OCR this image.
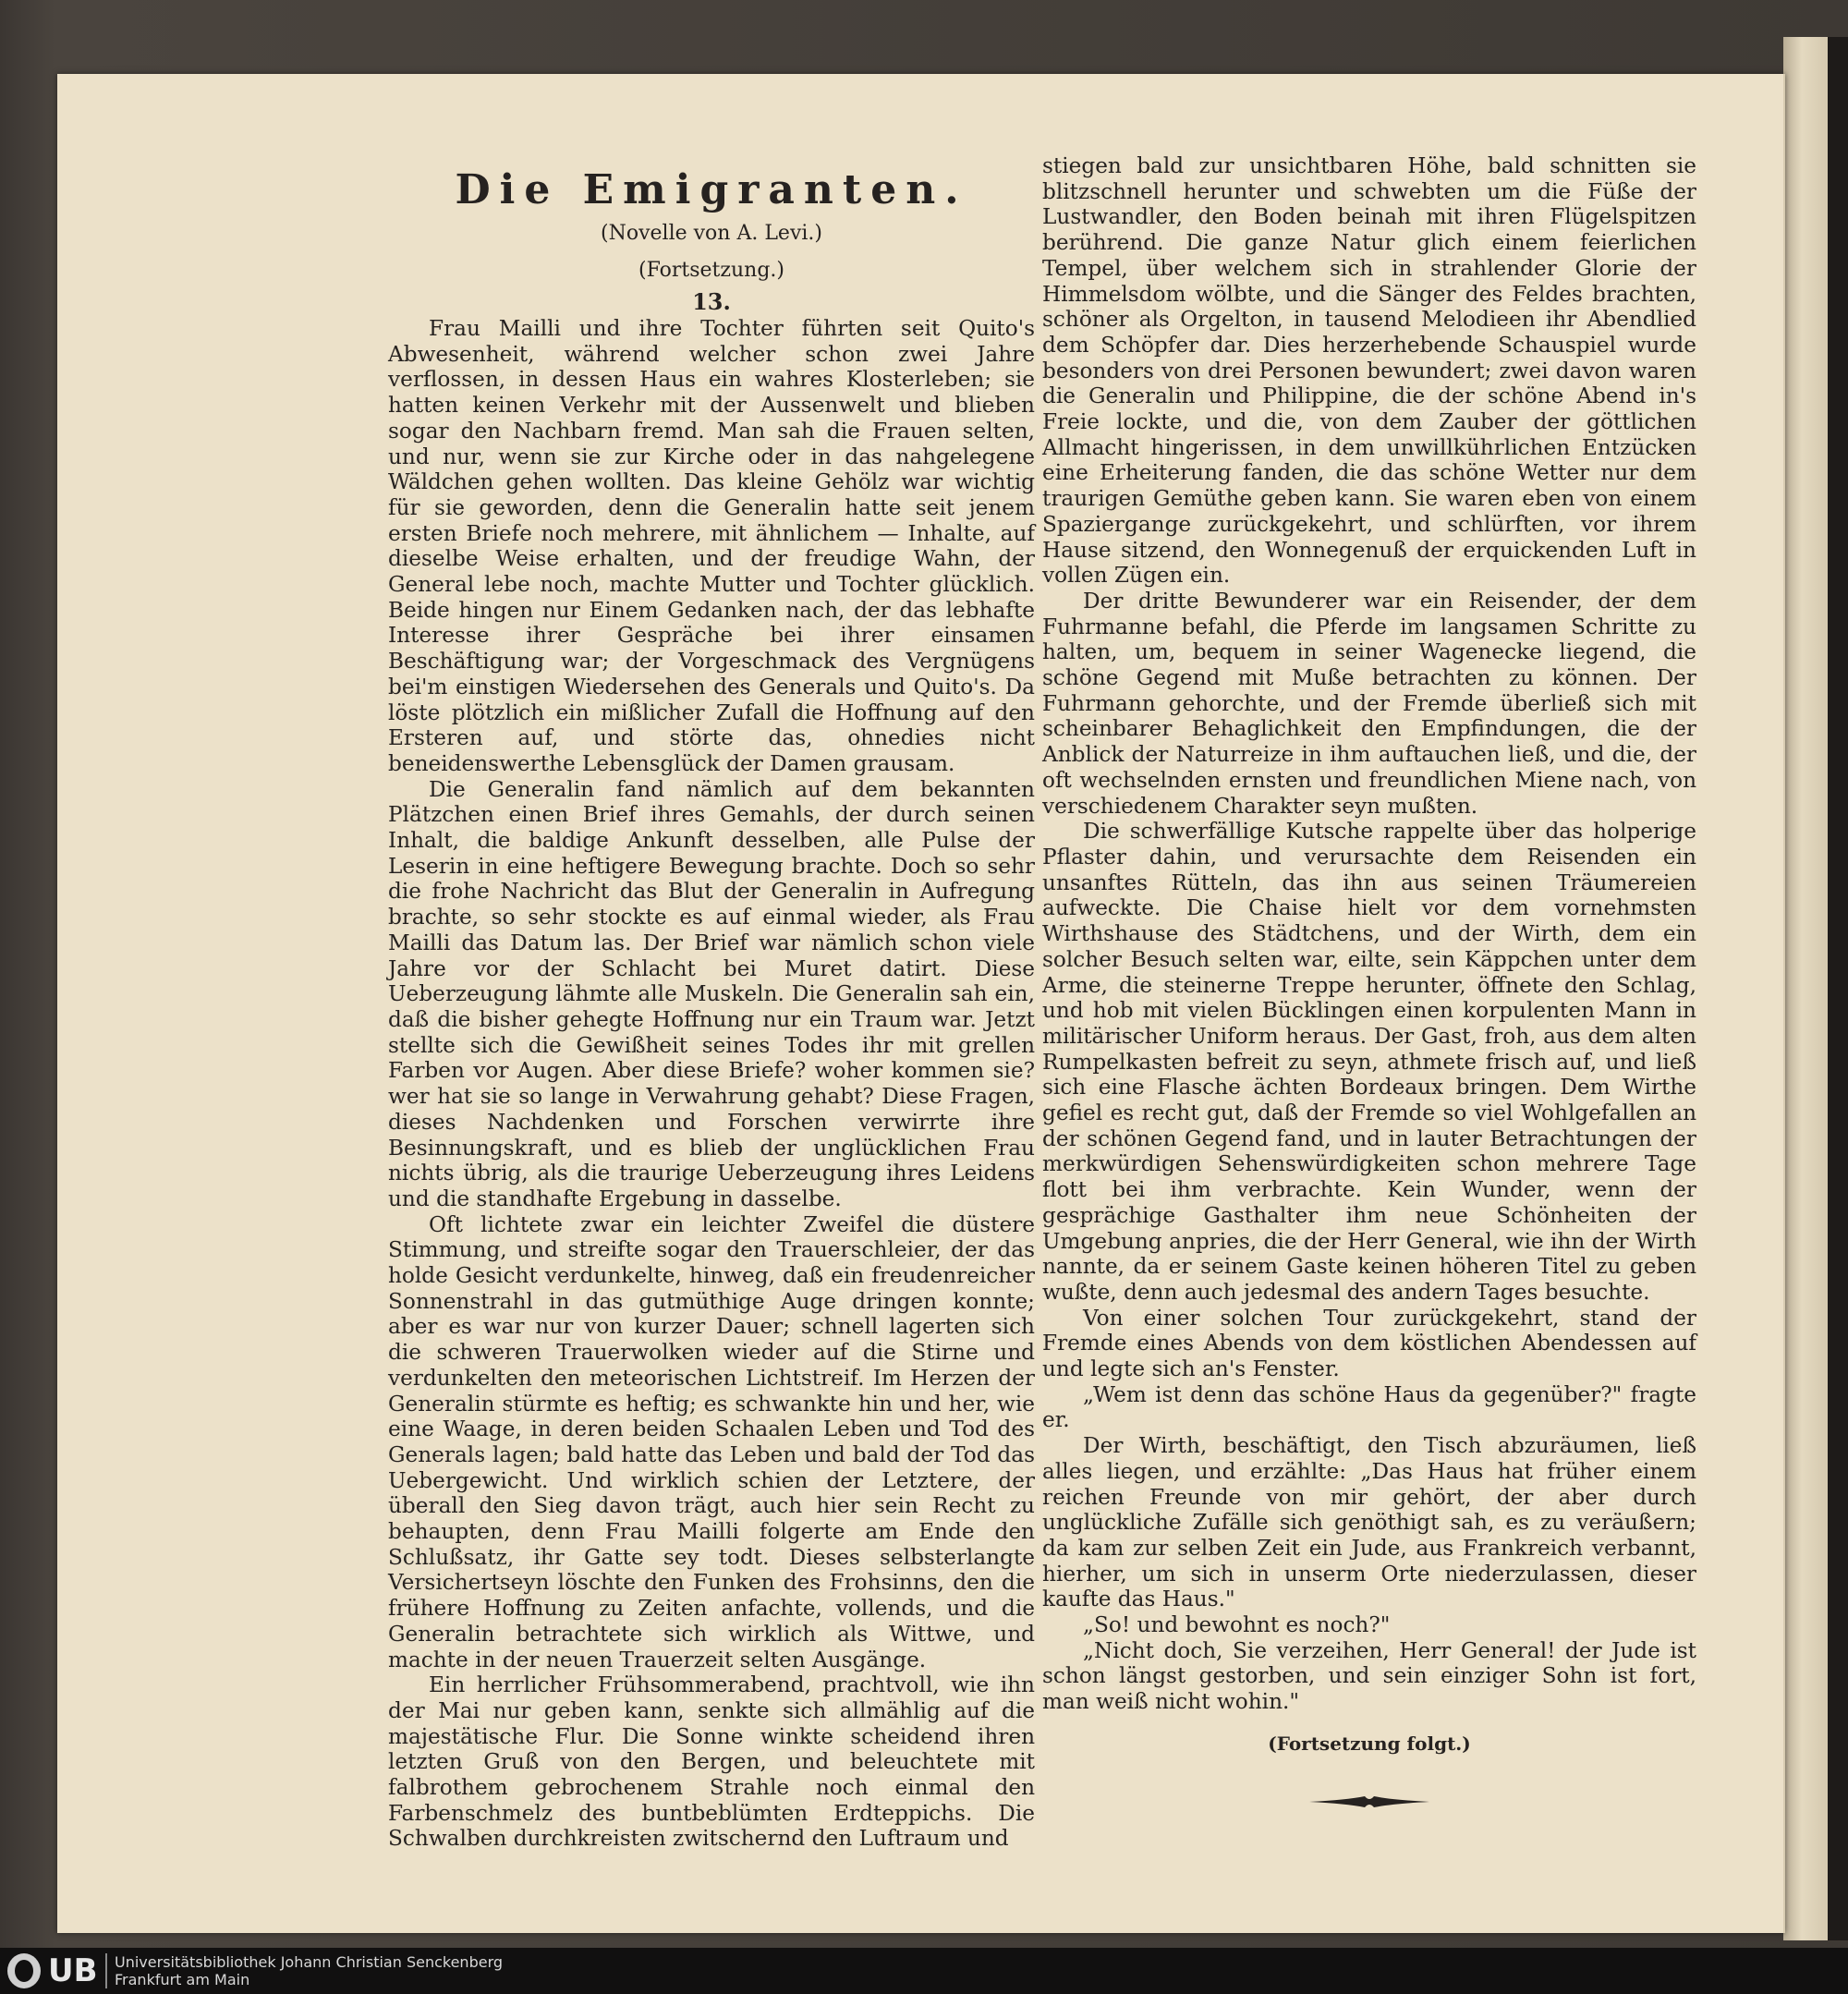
Die Emigranten.
(Novelle von A. Levi.)
(Fortsetzung.)
13.

Frau Mailli und ihre Tochter führten seit Quito's Abwesenheit, während welcher schon zwei Jahre verflossen, in dessen Haus ein wahres Klosterleben; sie hatten keinen Verkehr mit der Aussenwelt und blieben sogar den Nachbarn fremd. Man sah die Frauen selten, und nur, wenn sie zur Kirche oder in das nahgelegene Wäldchen gehen wollten. Das kleine Gehölz war wichtig für sie geworden, denn die Generalin hatte seit jenem ersten Briefe noch mehrere, mit ähnlichem — Inhalte, auf dieselbe Weise erhalten, und der freudige Wahn, der General lebe noch, machte Mutter und Tochter glücklich. Beide hingen nur Einem Gedanken nach, der das lebhafte Interesse ihrer Gespräche bei ihrer einsamen Beschäftigung war; der Vorgeschmack des Vergnügens bei'm einstigen Wiedersehen des Generals und Quito's. Da löste plötzlich ein mißlicher Zufall die Hoffnung auf den Ersteren auf, und störte das, ohnedies nicht beneidenswerthe Lebensglück der Damen grausam.

Die Generalin fand nämlich auf dem bekannten Plätzchen einen Brief ihres Gemahls, der durch seinen Inhalt, die baldige Ankunft desselben, alle Pulse der Leserin in eine heftigere Bewegung brachte. Doch so sehr die frohe Nachricht das Blut der Generalin in Aufregung brachte, so sehr stockte es auf einmal wieder, als Frau Mailli das Datum las. Der Brief war nämlich schon viele Jahre vor der Schlacht bei Muret datirt. Diese Ueberzeugung lähmte alle Muskeln. Die Generalin sah ein, daß die bisher gehegte Hoffnung nur ein Traum war. Jetzt stellte sich die Gewißheit seines Todes ihr mit grellen Farben vor Augen. Aber diese Briefe? woher kommen sie? wer hat sie so lange in Verwahrung gehabt? Diese Fragen, dieses Nachdenken und Forschen verwirrte ihre Besinnungskraft, und es blieb der unglücklichen Frau nichts übrig, als die traurige Ueberzeugung ihres Leidens und die standhafte Ergebung in dasselbe.

Oft lichtete zwar ein leichter Zweifel die düstere Stimmung, und streifte sogar den Trauerschleier, der das holde Gesicht verdunkelte, hinweg, daß ein freudenreicher Sonnenstrahl in das gutmüthige Auge dringen konnte; aber es war nur von kurzer Dauer; schnell lagerten sich die schweren Trauerwolken wieder auf die Stirne und verdunkelten den meteorischen Lichtstreif. Im Herzen der Generalin stürmte es heftig; es schwankte hin und her, wie eine Waage, in deren beiden Schaalen Leben und Tod des Generals lagen; bald hatte das Leben und bald der Tod das Uebergewicht. Und wirklich schien der Letztere, der überall den Sieg davon trägt, auch hier sein Recht zu behaupten, denn Frau Mailli folgerte am Ende den Schlußsatz, ihr Gatte sey todt. Dieses selbsterlangte Versichertseyn löschte den Funken des Frohsinns, den die frühere Hoffnung zu Zeiten anfachte, vollends, und die Generalin betrachtete sich wirklich als Wittwe, und machte in der neuen Trauerzeit selten Ausgänge.

Ein herrlicher Frühsommerabend, prachtvoll, wie ihn der Mai nur geben kann, senkte sich allmählig auf die majestätische Flur. Die Sonne winkte scheidend ihren letzten Gruß von den Bergen, und beleuchtete mit falbrothem gebrochenem Strahle noch einmal den Farbenschmelz des buntbeblümten Erdteppichs. Die Schwalben durchkreisten zwitschernd den Luftraum und

stiegen bald zur unsichtbaren Höhe, bald schnitten sie blitzschnell herunter und schwebten um die Füße der Lustwandler, den Boden beinah mit ihren Flügelspitzen berührend. Die ganze Natur glich einem feierlichen Tempel, über welchem sich in strahlender Glorie der Himmelsdom wölbte, und die Sänger des Feldes brachten, schöner als Orgelton, in tausend Melodieen ihr Abendlied dem Schöpfer dar. Dies herzerhebende Schauspiel wurde besonders von drei Personen bewundert; zwei davon waren die Generalin und Philippine, die der schöne Abend in's Freie lockte, und die, von dem Zauber der göttlichen Allmacht hingerissen, in dem unwillkührlichen Entzücken eine Erheiterung fanden, die das schöne Wetter nur dem traurigen Gemüthe geben kann. Sie waren eben von einem Spaziergange zurückgekehrt, und schlürften, vor ihrem Hause sitzend, den Wonnegenuß der erquickenden Luft in vollen Zügen ein.

Der dritte Bewunderer war ein Reisender, der dem Fuhrmanne befahl, die Pferde im langsamen Schritte zu halten, um, bequem in seiner Wagenecke liegend, die schöne Gegend mit Muße betrachten zu können. Der Fuhrmann gehorchte, und der Fremde überließ sich mit scheinbarer Behaglichkeit den Empfindungen, die der Anblick der Naturreize in ihm auftauchen ließ, und die, der oft wechselnden ernsten und freundlichen Miene nach, von verschiedenem Charakter seyn mußten.

Die schwerfällige Kutsche rappelte über das holperige Pflaster dahin, und verursachte dem Reisenden ein unsanftes Rütteln, das ihn aus seinen Träumereien aufweckte. Die Chaise hielt vor dem vornehmsten Wirthshause des Städtchens, und der Wirth, dem ein solcher Besuch selten war, eilte, sein Käppchen unter dem Arme, die steinerne Treppe herunter, öffnete den Schlag, und hob mit vielen Bücklingen einen korpulenten Mann in militärischer Uniform heraus. Der Gast, froh, aus dem alten Rumpelkasten befreit zu seyn, athmete frisch auf, und ließ sich eine Flasche ächten Bordeaux bringen. Dem Wirthe gefiel es recht gut, daß der Fremde so viel Wohlgefallen an der schönen Gegend fand, und in lauter Betrachtungen der merkwürdigen Sehenswürdigkeiten schon mehrere Tage flott bei ihm verbrachte. Kein Wunder, wenn der gesprächige Gasthalter ihm neue Schönheiten der Umgebung anpries, die der Herr General, wie ihn der Wirth nannte, da er seinem Gaste keinen höheren Titel zu geben wußte, denn auch jedesmal des andern Tages besuchte.

Von einer solchen Tour zurückgekehrt, stand der Fremde eines Abends von dem köstlichen Abendessen auf und legte sich an's Fenster.

„Wem ist denn das schöne Haus da gegenüber?" fragte er.

Der Wirth, beschäftigt, den Tisch abzuräumen, ließ alles liegen, und erzählte: „Das Haus hat früher einem reichen Freunde von mir gehört, der aber durch unglückliche Zufälle sich genöthigt sah, es zu veräußern; da kam zur selben Zeit ein Jude, aus Frankreich verbannt, hierher, um sich in unserm Orte niederzulassen, dieser kaufte das Haus."

„So! und bewohnt es noch?"

„Nicht doch, Sie verzeihen, Herr General! der Jude ist schon längst gestorben, und sein einziger Sohn ist fort, man weiß nicht wohin."

(Fortsetzung folgt.)
UB Universitätsbibliothek Johann Christian Senckenberg
Frankfurt am Main
